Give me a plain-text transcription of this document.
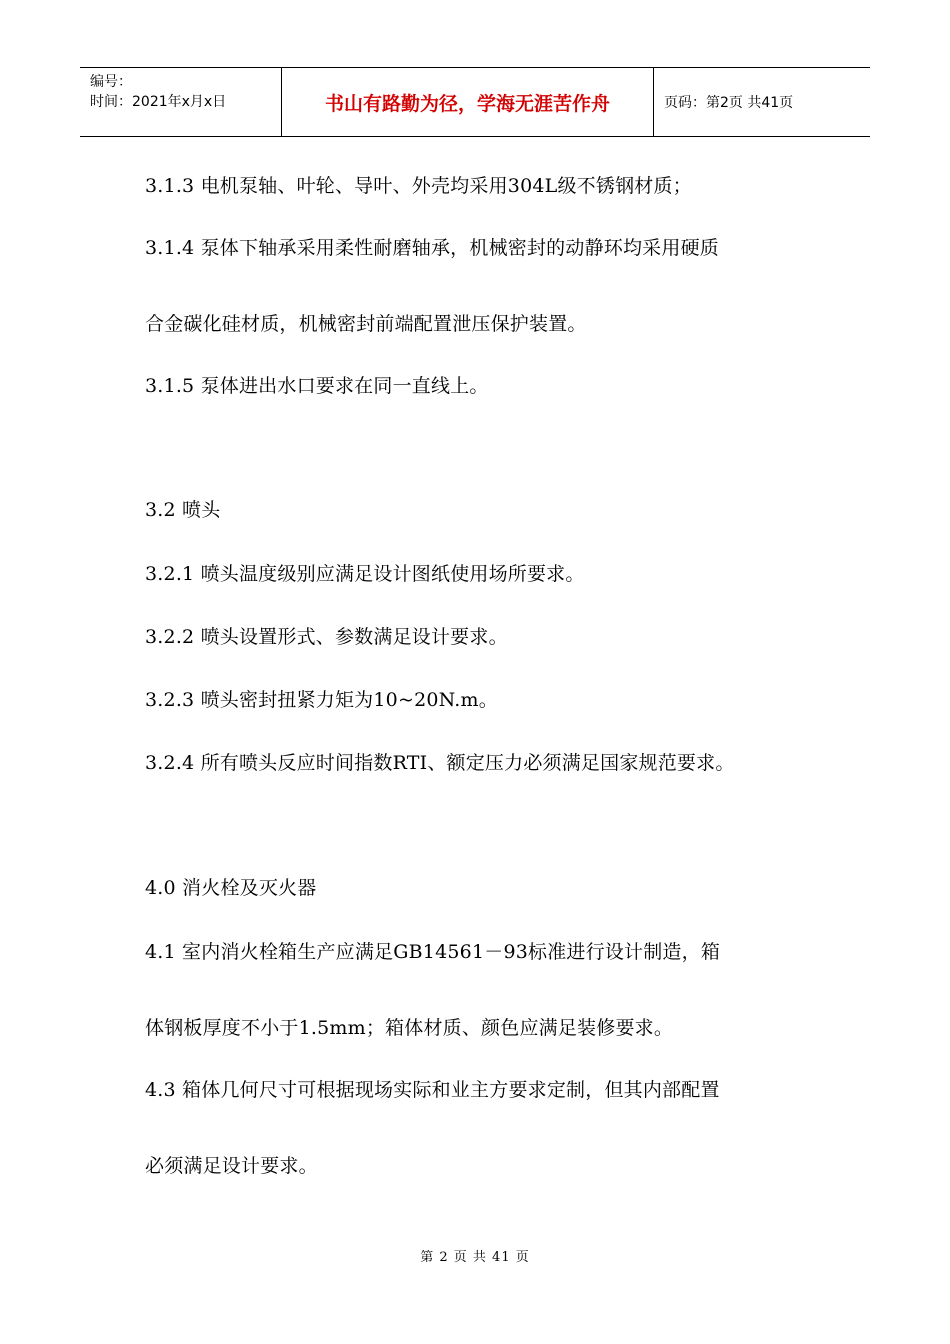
编号：
时间：2021年x月x日	书山有路勤为径，学海无涯苦作舟	页码：第2页 共41页
3.1.3 电机泵轴、叶轮、导叶、外壳均采用304L级不锈钢材质；
3.1.4 泵体下轴承采用柔性耐磨轴承，机械密封的动静环均采用硬质
合金碳化硅材质，机械密封前端配置泄压保护装置。
3.1.5 泵体进出水口要求在同一直线上。
3.2 喷头
3.2.1 喷头温度级别应满足设计图纸使用场所要求。
3.2.2 喷头设置形式、参数满足设计要求。
3.2.3 喷头密封扭紧力矩为10~20N.m。
3.2.4 所有喷头反应时间指数RTI、额定压力必须满足国家规范要求。
4.0 消火栓及灭火器
4.1 室内消火栓箱生产应满足GB14561－93标准进行设计制造，箱
体钢板厚度不小于1.5mm；箱体材质、颜色应满足装修要求。
4.3 箱体几何尺寸可根据现场实际和业主方要求定制，但其内部配置
必须满足设计要求。
第 2 页 共 41 页
